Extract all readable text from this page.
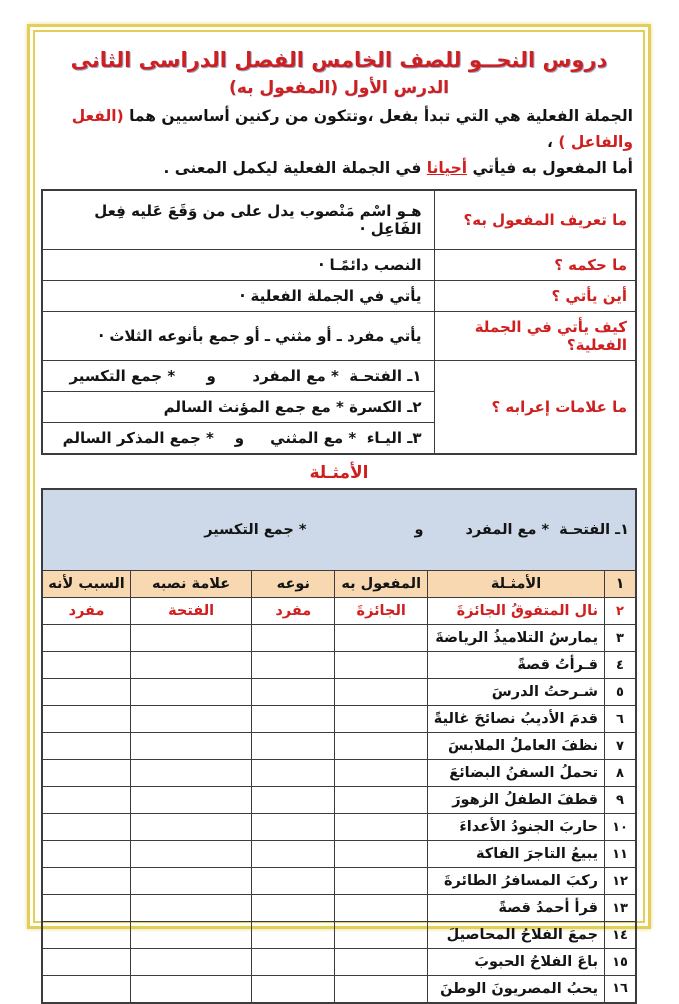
دروس النحــو للصف الخامس الفصل الدراسى الثانى
الدرس الأول (المفعول به)

الجملة الفعلية هي التي تبدأ بفعل ،وتتكون من ركنين أساسيين هما (الفعل والفاعل ) ،
أما المفعول به فيأتي أحيانا في الجملة الفعلية ليكمل المعنى .

ما تعريف المفعول به؟	هـو اسْم مَنْصوب يدل على من وَقَعَ عَليه فِعل الفَاعِل ·
ما حكمه ؟	النصب دائمًـا ·
أين يأتي ؟	يأتي في الجملة الفعلية ·
كيف يأتي في الجملة الفعلية؟	يأتي مفرد ـ أو مثني ـ أو جمع بأنوعه الثلاث ·
ما علامات إعرابه ؟	١ـ الفتحـة  * مع المفرد       و      * جمع التكسير
	٢ـ الكسرة * مع جمع المؤنث السالم
	٣ـ اليـاء  * مع المثني     و    * جمع المذكر السالم
الأمثـلة

١ـ الفتحـة  * مع المفرد
و
* جمع التكسير					

١	الأمثـلة	المفعول به	نوعه	علامة نصبه	السبب لأنه
٢	نال المتفوقُ الجائزةَ	الجائزةَ	مفرد	الفتحة	مفرد
٣	يمارسُ التلاميذُ الرياضةَ				
٤	قـرأتُ قصةً				
٥	شـرحتُ الدرسَ				
٦	قدمَ الأديبُ نصائحَ غاليةً				
٧	نظفَ العاملُ الملابسَ				
٨	تحملُ السفنُ البضائعَ				
٩	قطفَ الطفلُ الزهورَ				
١٠	حاربَ الجنودُ الأعداءَ				
١١	يبيعُ التاجرَ الفاكة				
١٢	ركبَ المسافرُ الطائرةَ				
١٣	قرأ أحمدُ قصةً				
١٤	جمعَ الفلاحُ المحاصيلَ				
١٥	باعَ الفلاحُ الحبوبَ				
١٦	يحبُ المصريونَ الوطنَ				
